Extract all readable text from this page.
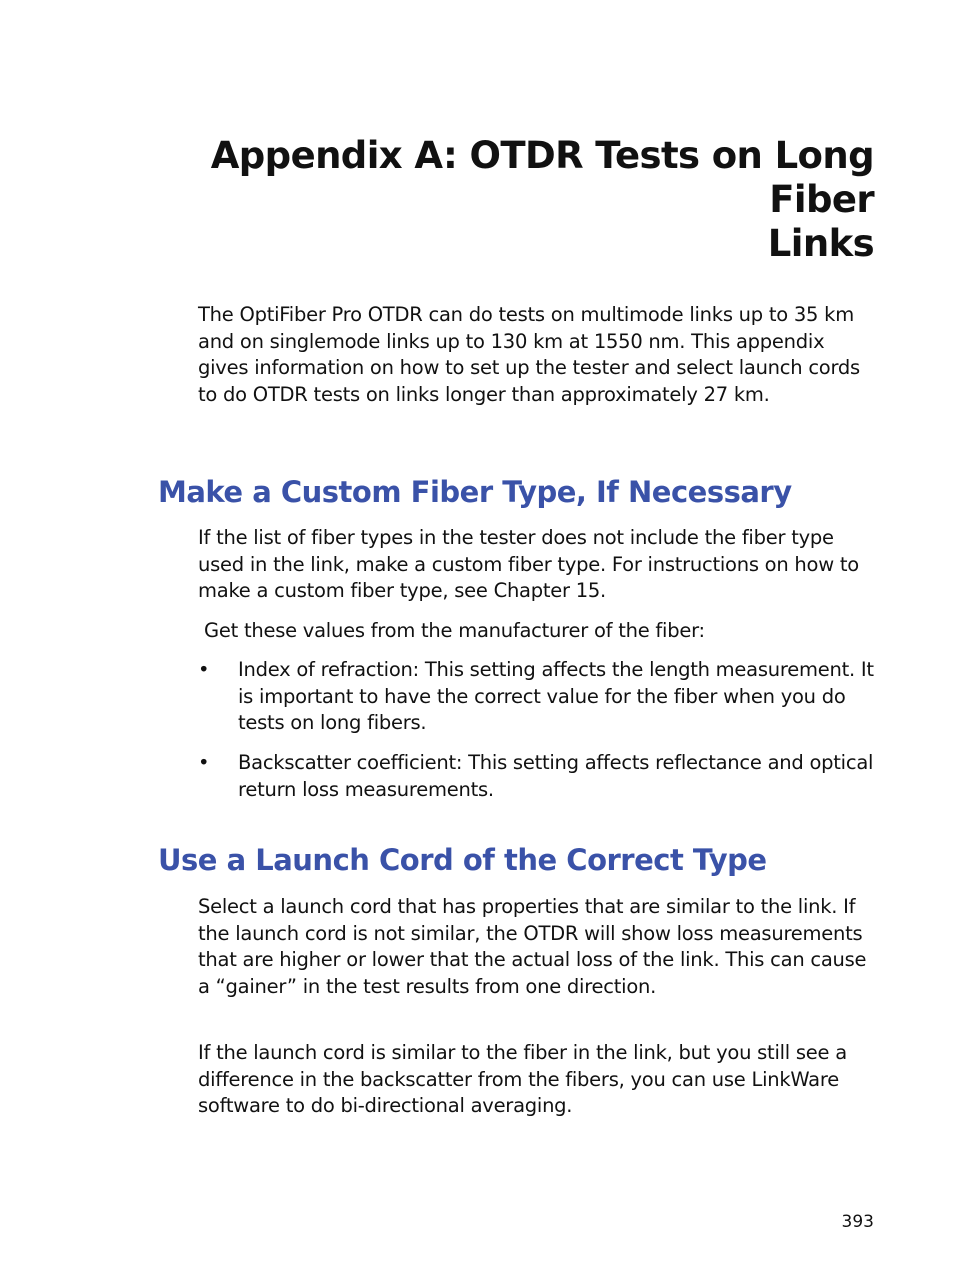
Appendix A: OTDR Tests on Long Fiber
Links

The OptiFiber Pro OTDR can do tests on multimode links up to 35 km and on singlemode links up to 130 km at 1550 nm. This appendix gives information on how to set up the tester and select launch cords to do OTDR tests on links longer than approximately 27 km.

Make a Custom Fiber Type, If Necessary

If the list of fiber types in the tester does not include the fiber type used in the link, make a custom fiber type. For instructions on how to make a custom fiber type, see Chapter 15.

Get these values from the manufacturer of the fiber:

•	Index of refraction: This setting affects the length measurement. It is important to have the correct value for the fiber when you do tests on long fibers.
•	Backscatter coefficient: This setting affects reflectance and optical return loss measurements.
Use a Launch Cord of the Correct Type

Select a launch cord that has properties that are similar to the link. If the launch cord is not similar, the OTDR will show loss measurements that are higher or lower that the actual loss of the link. This can cause a “gainer” in the test results from one direction.

If the launch cord is similar to the fiber in the link, but you still see a difference in the backscatter from the fibers, you can use LinkWare software to do bi-directional averaging.

393
